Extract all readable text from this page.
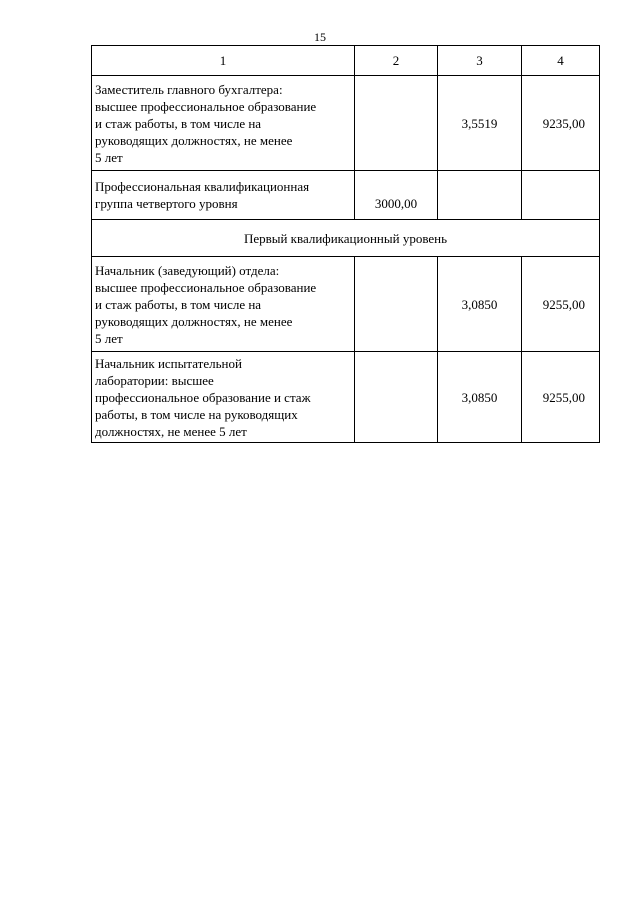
15
1	2	3	4
Заместитель главного бухгалтера:
высшее профессиональное образование
и стаж работы, в том числе на
руководящих должностях, не менее
5 лет		3,5519	9235,00
Профессиональная квалификационная
группа четвертого уровня	3000,00		
Первый квалификационный уровень			
Начальник (заведующий) отдела:
высшее профессиональное образование
и стаж работы, в том числе на
руководящих должностях, не менее
5 лет		3,0850	9255,00
Начальник испытательной
лаборатории: высшее
профессиональное образование и стаж
работы, в том числе на руководящих
должностях, не менее 5 лет		3,0850	9255,00
